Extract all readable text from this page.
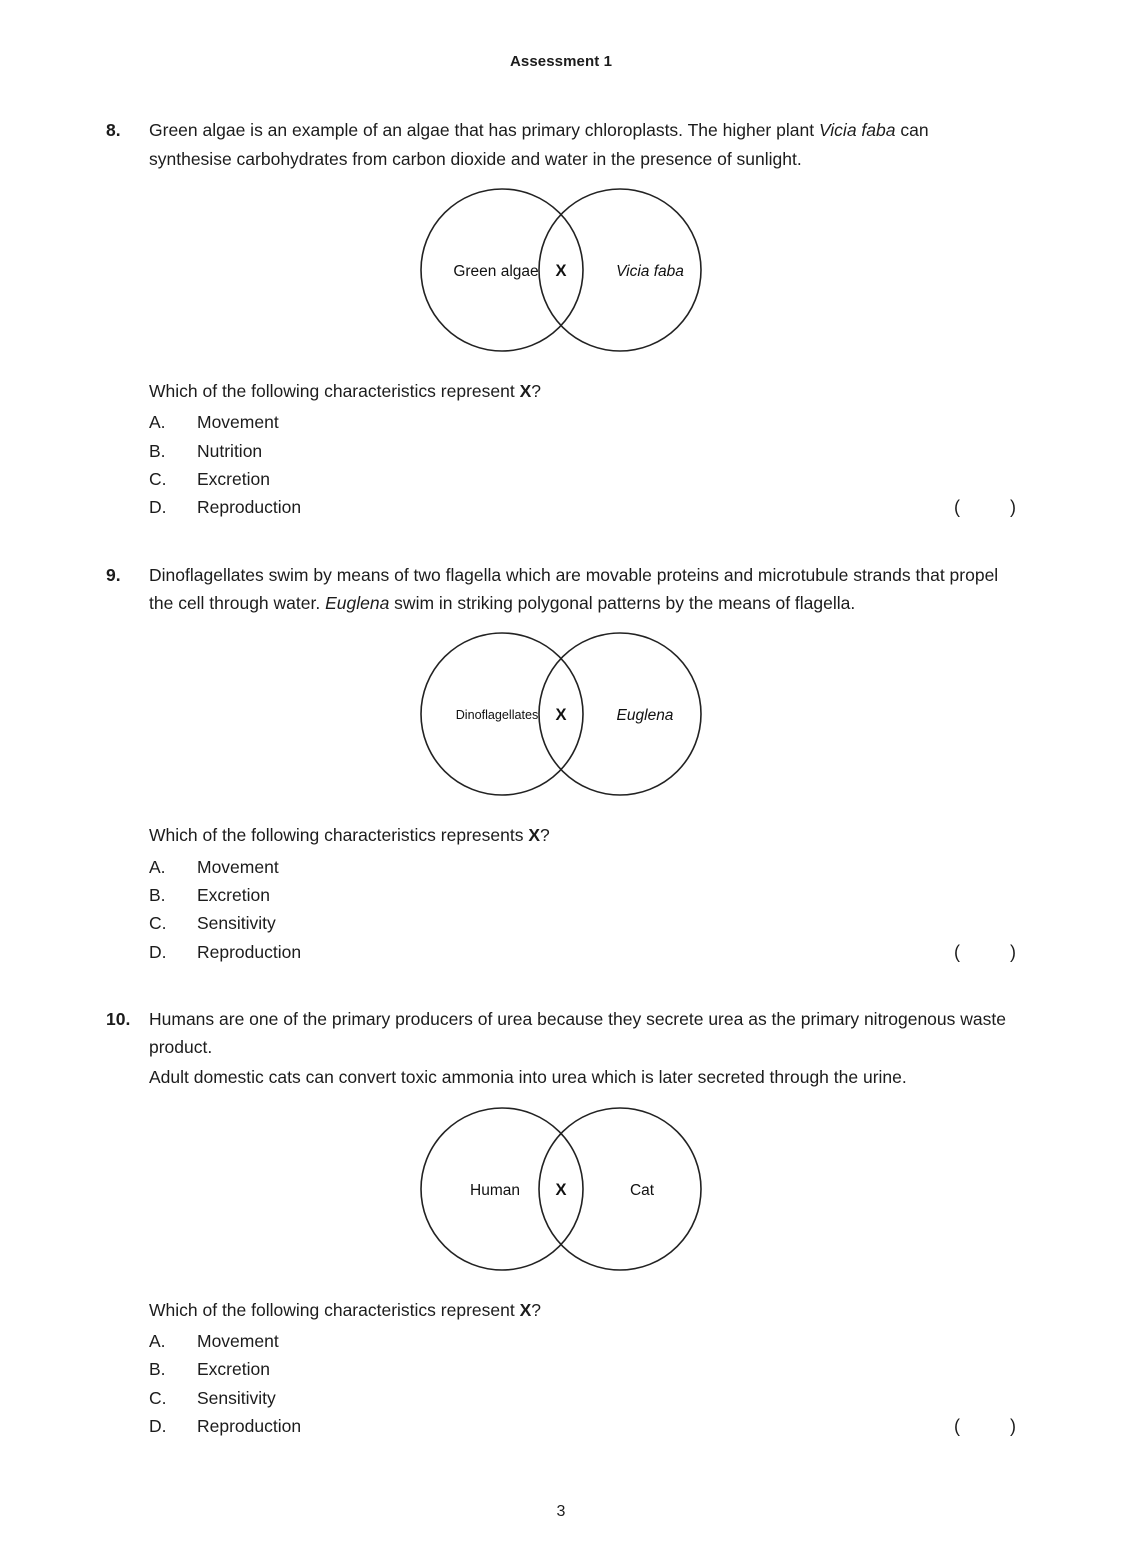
Assessment 1
8.	Green algae is an example of an algae that has primary chloroplasts. The higher plant Vicia faba can synthesise carbohydrates from carbon dioxide and water in the presence of sunlight.

Green algae X	Vicia faba

Which of the following characteristics represent X?

A.	Movement
B.	Nutrition
C.	Excretion
D.	Reproduction	(	)
9.	Dinoflagellates swim by means of two flagella which are movable proteins and microtubule strands that propel the cell through water. Euglena swim in striking polygonal patterns by the means of flagella.

Dinoflagellates X	Euglena

Which of the following characteristics represents X?

A.	Movement
B.	Excretion
C.	Sensitivity
D.	Reproduction	(	)
10.	Humans are one of the primary producers of urea because they secrete urea as the primary nitrogenous waste product.

Adult domestic cats can convert toxic ammonia into urea which is later secreted through the urine.

Human X	Cat

Which of the following characteristics represent X?

A.	Movement
B.	Excretion
C.	Sensitivity
D.	Reproduction	(	)
3
